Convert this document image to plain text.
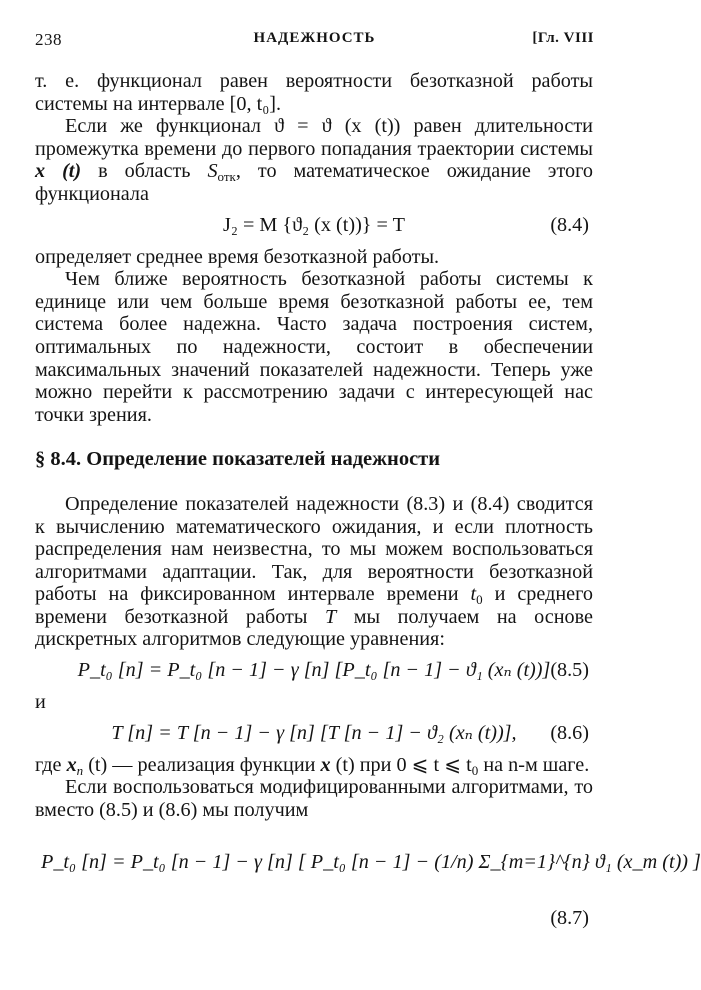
238	НАДЕЖНОСТЬ	[Гл. VIII

т. е. функционал равен вероятности безотказной работы системы на интервале [0, t₀].

Если же функционал ϑ = ϑ (x (t)) равен длительности промежутка времени до первого попадания траектории системы x (t) в область $S_{отк}$, то математическое ожидание этого функционала

J₂ = M {ϑ₂ (x (t))} = T	(8.4)

определяет среднее время безотказной работы.

Чем ближе вероятность безотказной работы системы к единице или чем больше время безотказной работы ее, тем система более надежна. Часто задача построения систем, оптимальных по надежности, состоит в обеспечении максимальных значений показателей надежности. Теперь уже можно перейти к рассмотрению задачи с интересующей нас точки зрения.

§ 8.4. Определение показателей надежности

Определение показателей надежности (8.3) и (8.4) сводится к вычислению математического ожидания, и если плотность распределения нам неизвестна, то мы можем воспользоваться алгоритмами адаптации. Так, для вероятности безотказной работы на фиксированном интервале времени $t_0$ и среднего времени безотказной работы T мы получаем на основе дискретных алгоритмов следующие уравнения:

P_t₀ [n] = P_t₀ [n − 1] − γ [n] [P_t₀ [n − 1] − ϑ₁ (xₙ (t))] (8.5)

и

T [n] = T [n − 1] − γ [n] [T [n − 1] − ϑ₂ (xₙ (t))], (8.6)

где $x_n$ (t) — реализация функции x (t) при 0 ⩽ t ⩽ $t_0$ на n-м шаге.

Если воспользоваться модифицированными алгоритмами, то вместо (8.5) и (8.6) мы получим

P_t₀ [n] = P_t₀ [n − 1] − γ [n] [ P_t₀ [n − 1] − (1/n) Σ_{m=1}^{n} ϑ₁ (x_m (t)) ]
(8.7)
